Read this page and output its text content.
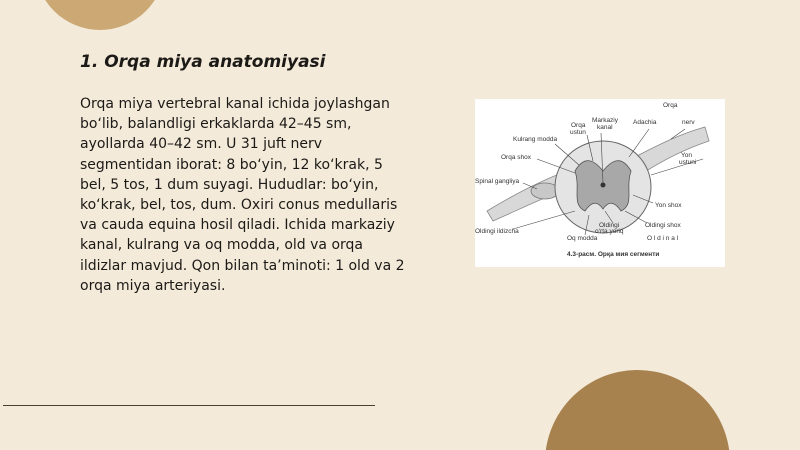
1. Orqa miya anatomiyasi

Orqa miya vertebral kanal ichida joylashgan bo‘lib, balandligi erkaklarda 42–45 sm, ayollarda 40–42 sm. U 31 juft nerv segmentidan iborat: 8 bo‘yin, 12 ko‘krak, 5 bel, 5 tos, 1 dum suyagi. Hududlar: bo‘yin, ko‘krak, bel, tos, dum. Oxiri conus medullaris va cauda equina hosil qiladi. Ichida markaziy kanal, kulrang va oq modda, old va orqa ildizlar mavjud. Qon bilan ta’minoti: 1 old va 2 orqa miya arteriyasi.

Orqa
Markaziy
kanal
Orqa
ustun
Adachia	nerv
Kulrang modda
Orqa shox	Yon
ustuni
Spinal gangliya
Yon shox
Oldingi ildizcha
Oldingi shox
Oldingi
o‘rta yoriq
Oq modda	O l d i n a l
4.3-расм. Орқа мия сегменти
